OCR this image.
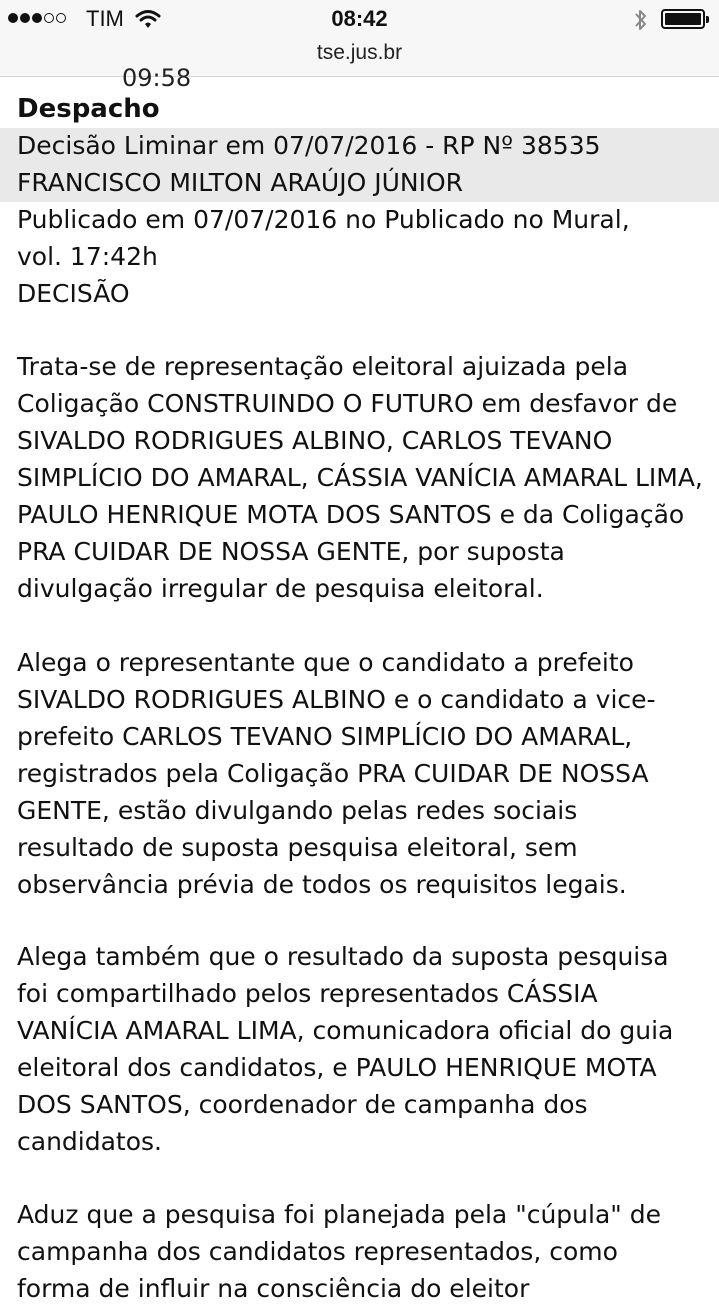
TIM	08:42
tse.jus.br
09:58
Despacho
Decisão Liminar em 07/07/2016 - RP Nº 38535
FRANCISCO MILTON ARAÚJO JÚNIOR
Publicado em 07/07/2016 no Publicado no Mural,
vol. 17:42h
DECISÃO
Trata-se de representação eleitoral ajuizada pela
Coligação CONSTRUINDO O FUTURO em desfavor de
SIVALDO RODRIGUES ALBINO, CARLOS TEVANO
SIMPLÍCIO DO AMARAL, CÁSSIA VANÍCIA AMARAL LIMA,
PAULO HENRIQUE MOTA DOS SANTOS e da Coligação
PRA CUIDAR DE NOSSA GENTE, por suposta
divulgação irregular de pesquisa eleitoral.
Alega o representante que o candidato a prefeito
SIVALDO RODRIGUES ALBINO e o candidato a vice-
prefeito CARLOS TEVANO SIMPLÍCIO DO AMARAL,
registrados pela Coligação PRA CUIDAR DE NOSSA
GENTE, estão divulgando pelas redes sociais
resultado de suposta pesquisa eleitoral, sem
observância prévia de todos os requisitos legais.
Alega também que o resultado da suposta pesquisa
foi compartilhado pelos representados CÁSSIA
VANÍCIA AMARAL LIMA, comunicadora oficial do guia
eleitoral dos candidatos, e PAULO HENRIQUE MOTA
DOS SANTOS, coordenador de campanha dos
candidatos.
Aduz que a pesquisa foi planejada pela "cúpula" de
campanha dos candidatos representados, como
forma de influir na consciência do eleitor
